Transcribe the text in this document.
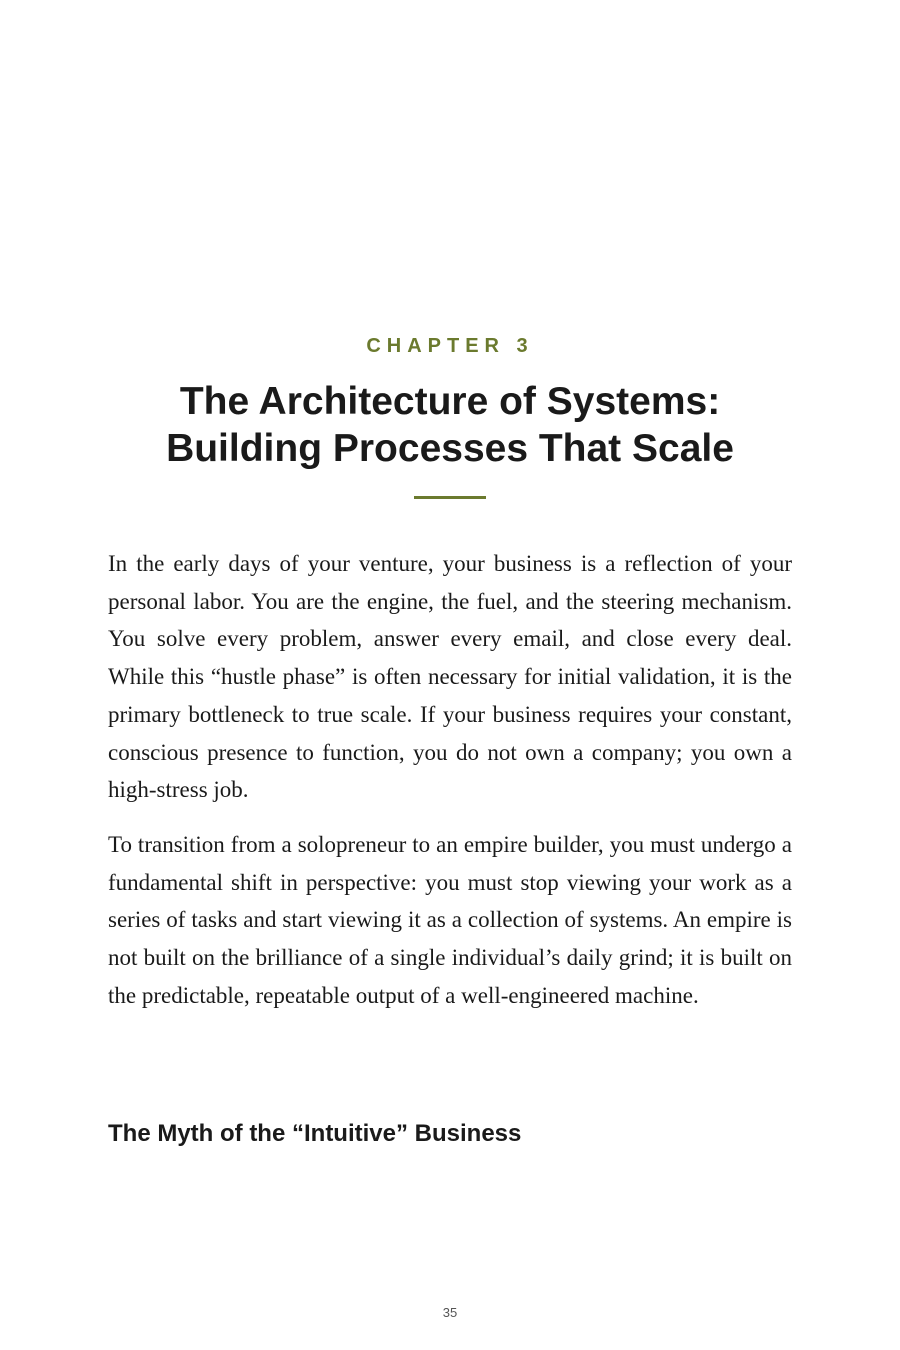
CHAPTER 3
The Architecture of Systems:
Building Processes That Scale

In the early days of your venture, your business is a reflection of your personal labor. You are the engine, the fuel, and the steering mechanism. You solve every problem, answer every email, and close every deal. While this “hustle phase” is often necessary for initial validation, it is the primary bottleneck to true scale. If your business requires your constant, conscious presence to function, you do not own a company; you own a high-stress job.

To transition from a solopreneur to an empire builder, you must undergo a fundamental shift in perspective: you must stop viewing your work as a series of tasks and start viewing it as a collection of systems. An empire is not built on the brilliance of a single individual’s daily grind; it is built on the predictable, repeatable output of a well-engineered machine.

The Myth of the “Intuitive” Business
35
